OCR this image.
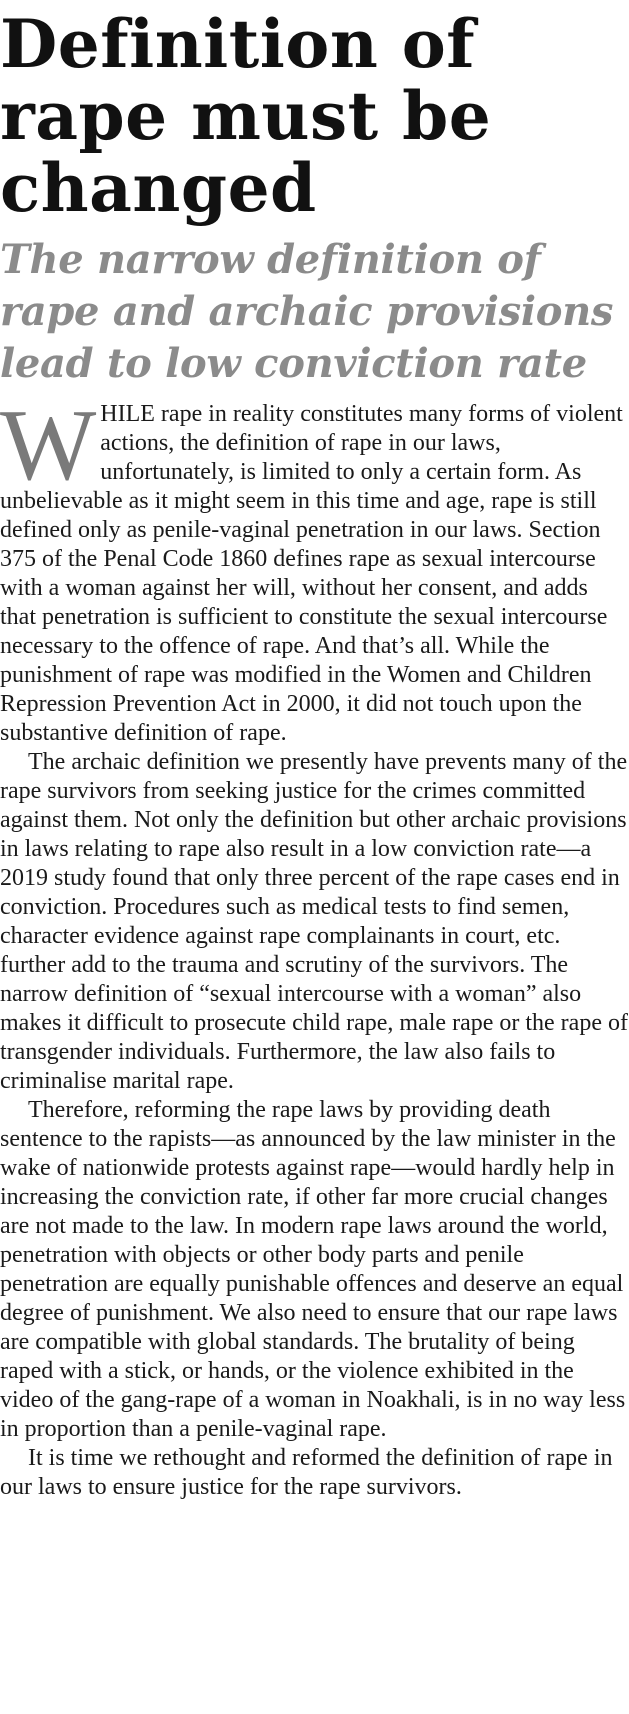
Definition of rape must be changed
The narrow definition of rape and archaic provisions lead to low conviction rate

WHILE rape in reality constitutes many forms of violent actions, the definition of rape in our laws, unfortunately, is limited to only a certain form. As unbelievable as it might seem in this time and age, rape is still defined only as penile-vaginal penetration in our laws. Section 375 of the Penal Code 1860 defines rape as sexual intercourse with a woman against her will, without her consent, and adds that penetration is sufficient to constitute the sexual intercourse necessary to the offence of rape. And that’s all. While the punishment of rape was modified in the Women and Children Repression Prevention Act in 2000, it did not touch upon the substantive definition of rape.

The archaic definition we presently have prevents many of the rape survivors from seeking justice for the crimes committed against them. Not only the definition but other archaic provisions in laws relating to rape also result in a low conviction rate—a 2019 study found that only three percent of the rape cases end in conviction. Procedures such as medical tests to find semen, character evidence against rape complainants in court, etc. further add to the trauma and scrutiny of the survivors. The narrow definition of “sexual intercourse with a woman” also makes it difficult to prosecute child rape, male rape or the rape of transgender individuals. Furthermore, the law also fails to criminalise marital rape.

Therefore, reforming the rape laws by providing death sentence to the rapists—as announced by the law minister in the wake of nationwide protests against rape—would hardly help in increasing the conviction rate, if other far more crucial changes are not made to the law. In modern rape laws around the world, penetration with objects or other body parts and penile penetration are equally punishable offences and deserve an equal degree of punishment. We also need to ensure that our rape laws are compatible with global standards. The brutality of being raped with a stick, or hands, or the violence exhibited in the video of the gang-rape of a woman in Noakhali, is in no way less in proportion than a penile-vaginal rape.

It is time we rethought and reformed the definition of rape in our laws to ensure justice for the rape survivors.
